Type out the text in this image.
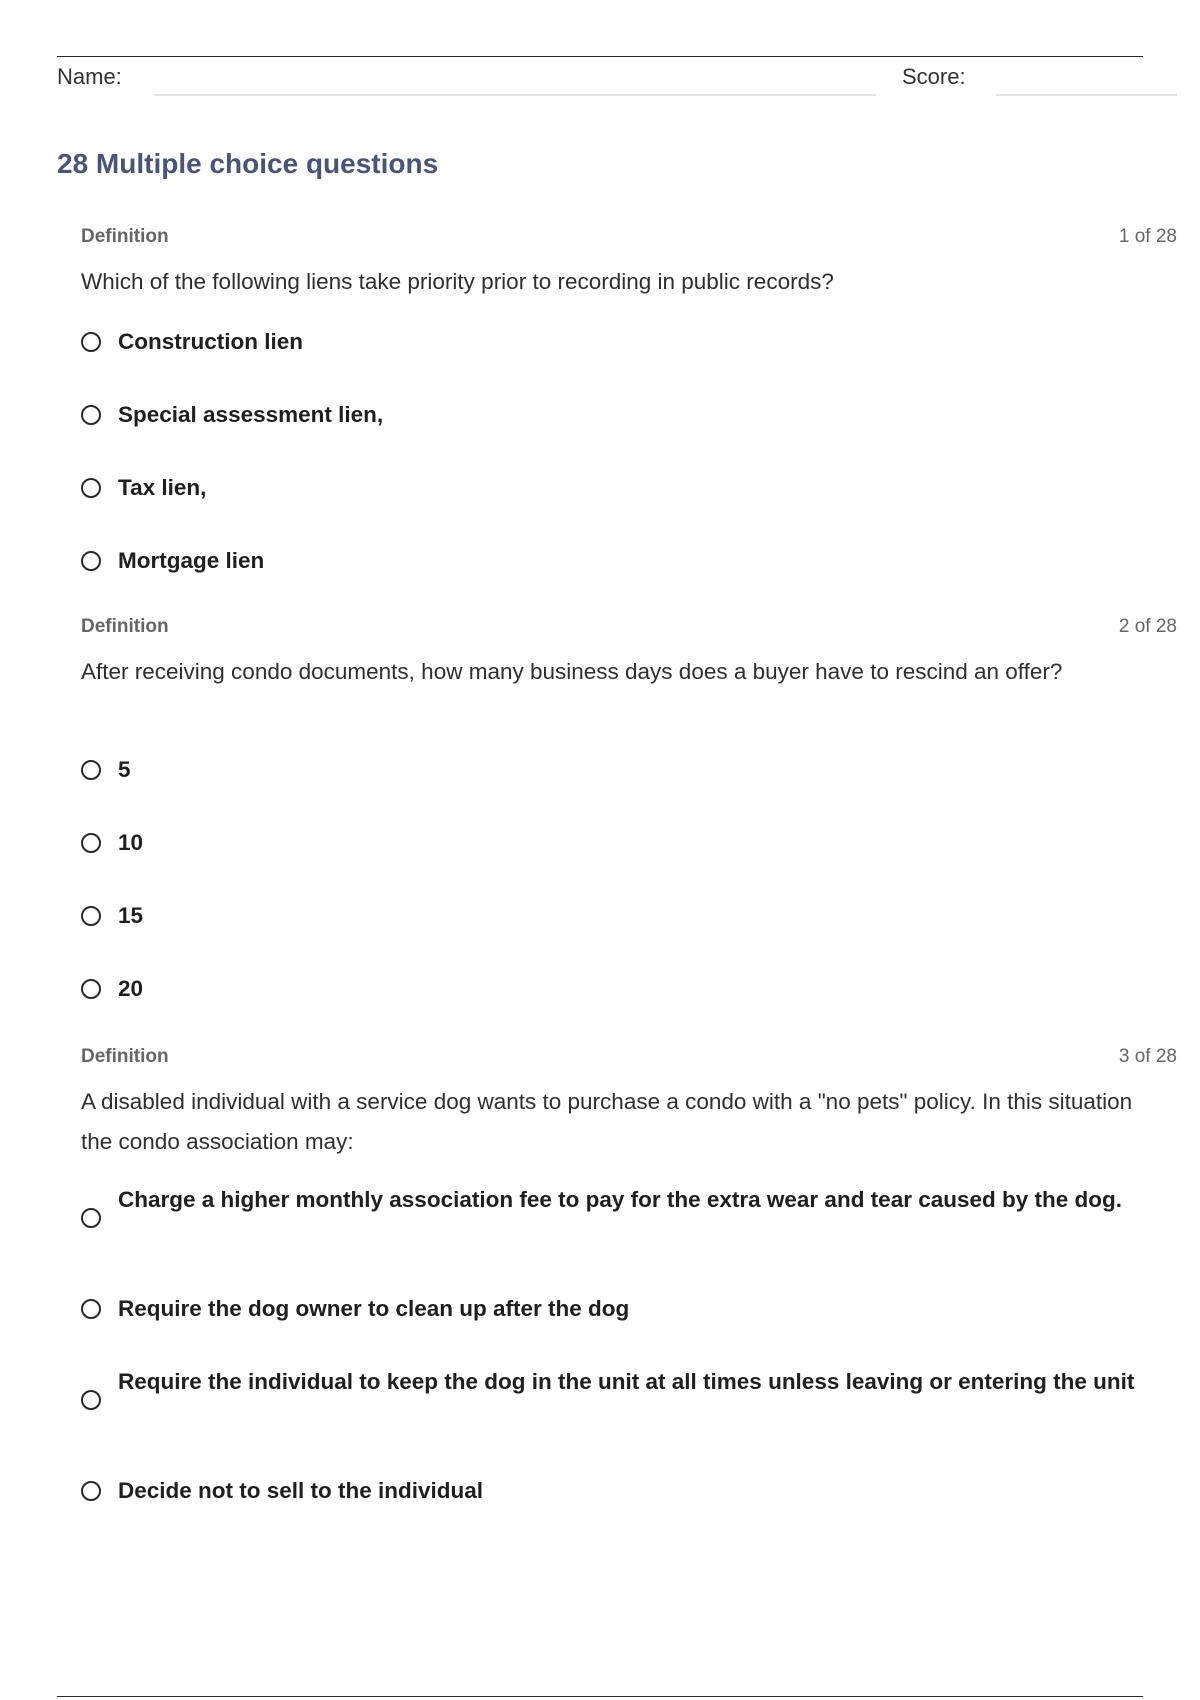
Name:	Score:
28 Multiple choice questions
Definition	1 of 28

Which of the following liens take priority prior to recording in public records?

Construction lien
Special assessment lien,
Tax lien,
Mortgage lien
Definition	2 of 28

After receiving condo documents, how many business days does a buyer have to rescind an offer?

5
10
15
20
Definition	3 of 28

A disabled individual with a service dog wants to purchase a condo with a "no pets" policy. In this situation the condo association may:

Charge a higher monthly association fee to pay for the extra wear and tear caused by the dog.
Require the dog owner to clean up after the dog
Require the individual to keep the dog in the unit at all times unless leaving or entering the unit
Decide not to sell to the individual
